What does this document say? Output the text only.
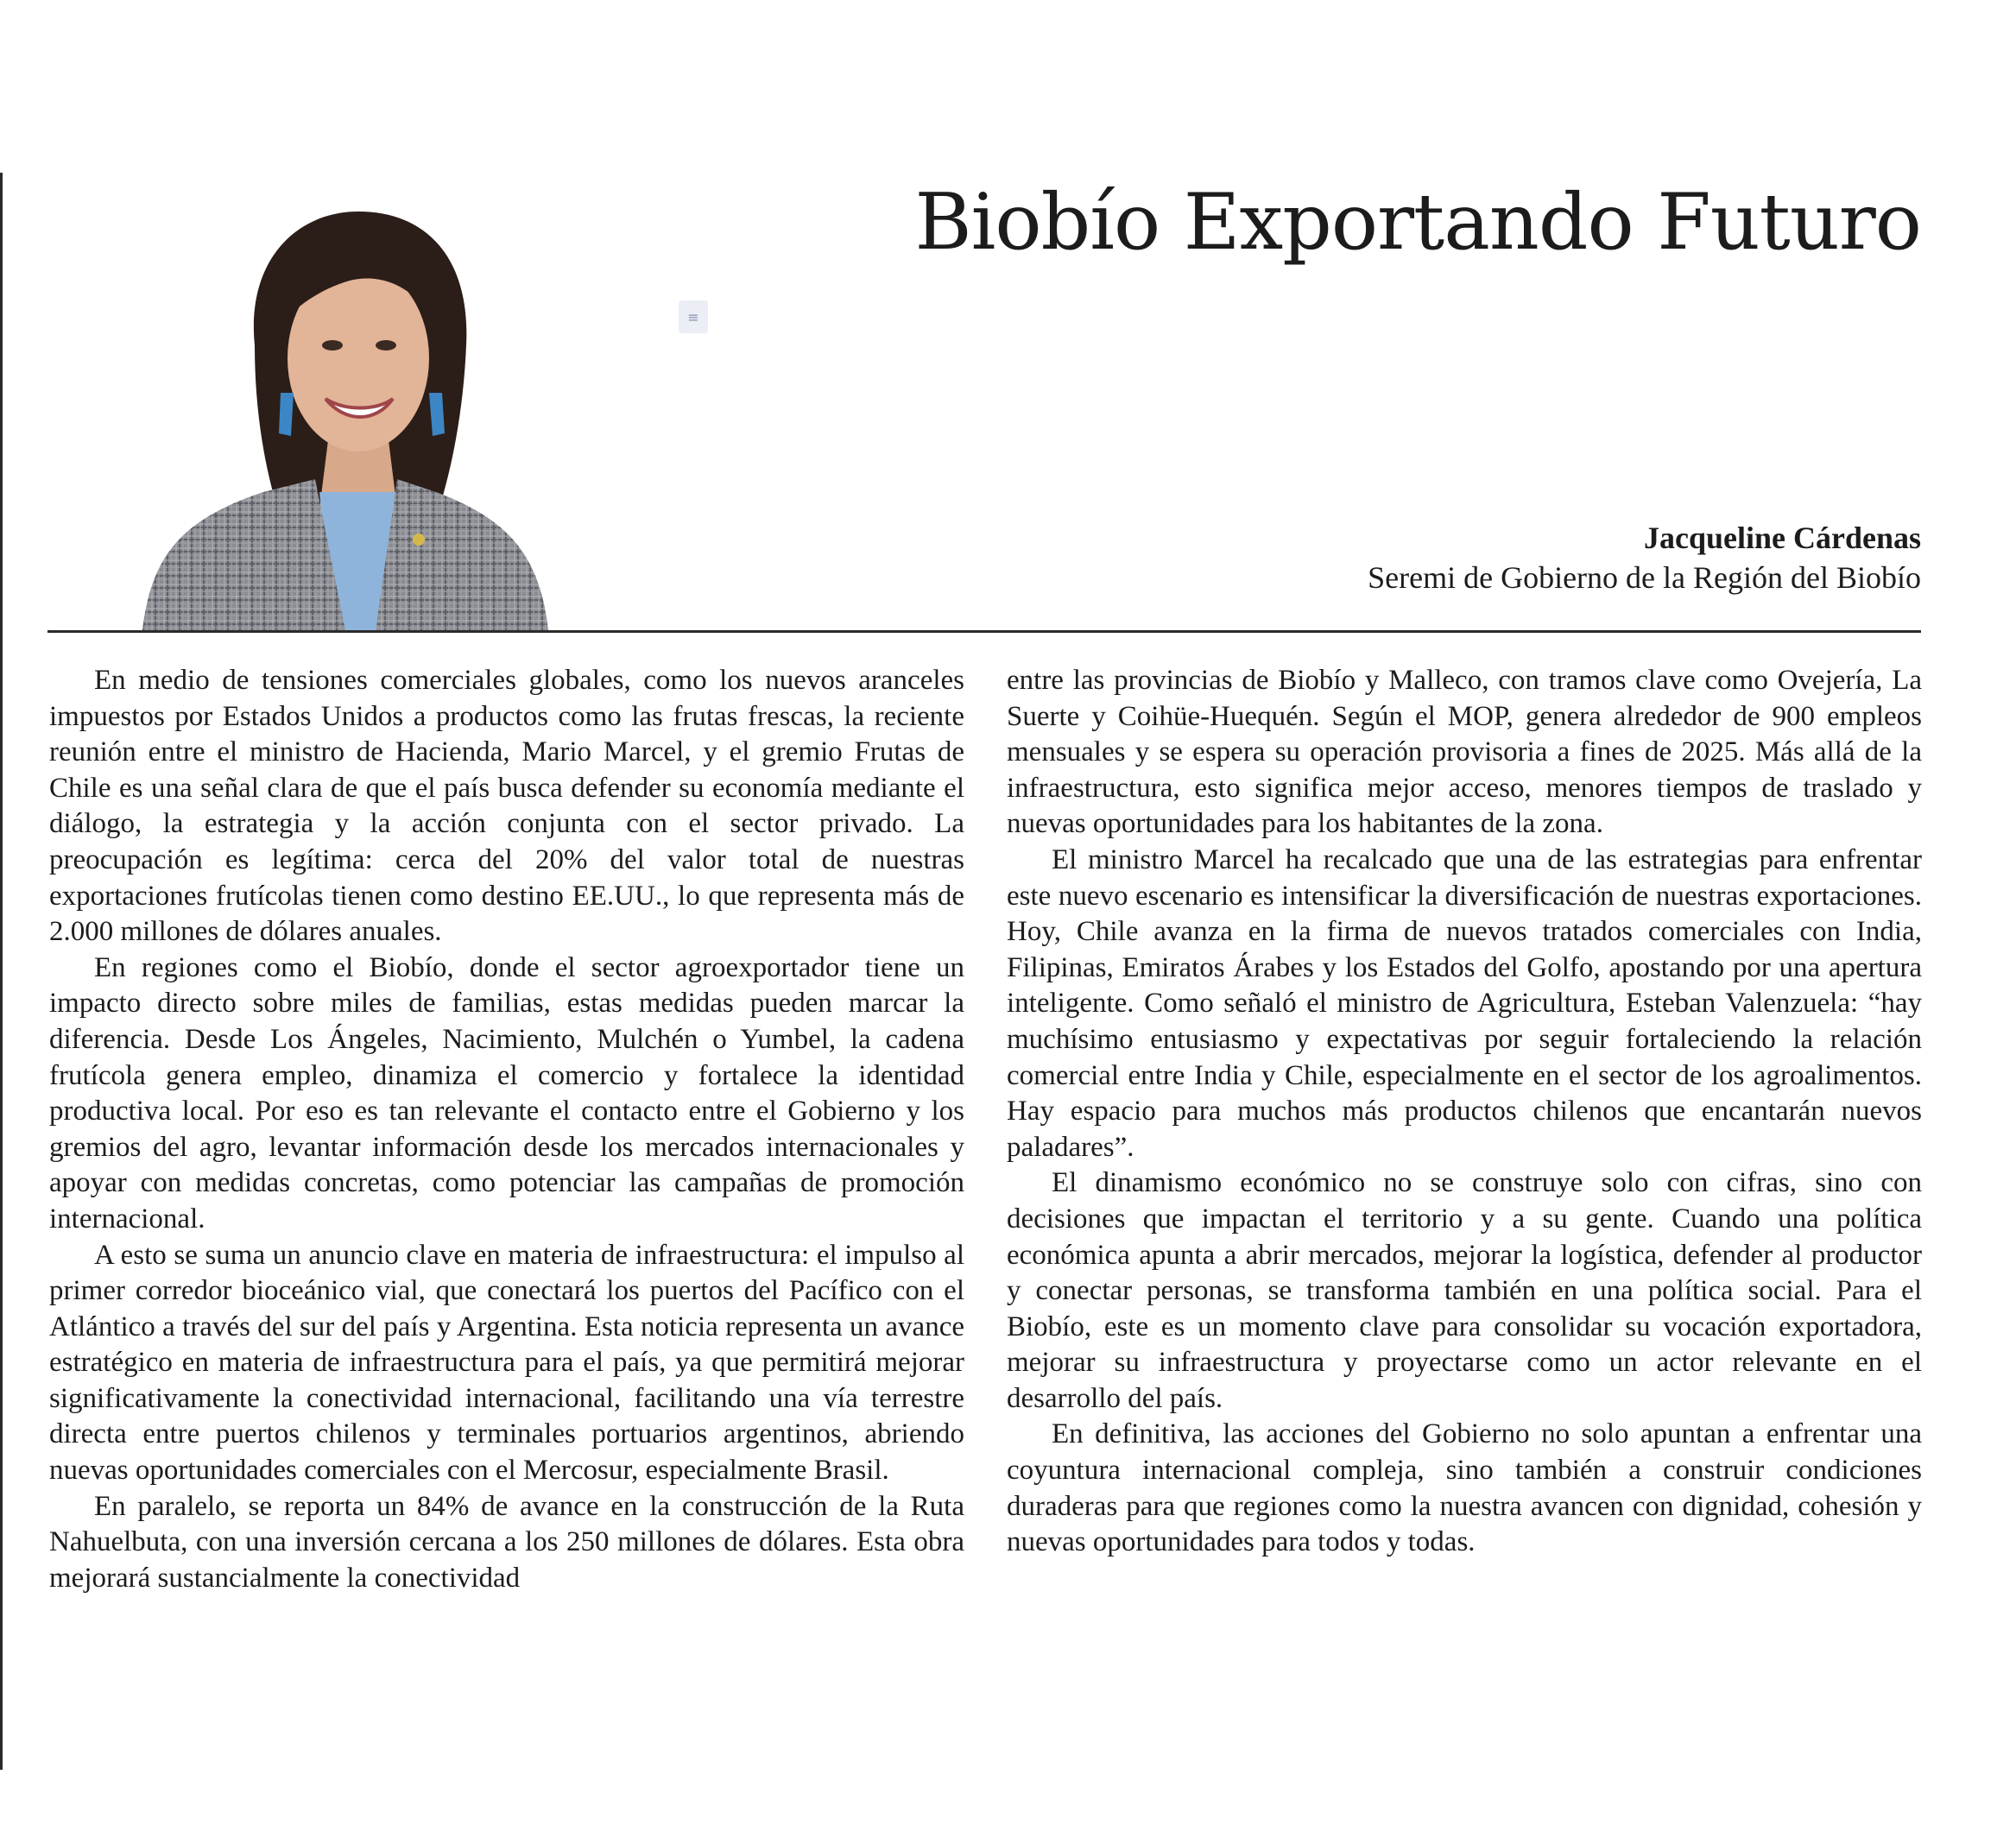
Biobío Exportando Futuro
≡
Jacqueline Cárdenas
Seremi de Gobierno de la Región del Biobío

En medio de tensiones comerciales globales, como los nuevos aranceles impuestos por Estados Unidos a productos como las frutas frescas, la reciente reunión entre el ministro de Hacienda, Mario Marcel, y el gremio Frutas de Chile es una señal clara de que el país busca defender su economía mediante el diálogo, la estrategia y la acción conjunta con el sector privado. La preocupación es legítima: cerca del 20% del valor total de nuestras exportaciones frutícolas tienen como destino EE.UU., lo que representa más de 2.000 millones de dólares anuales.

En regiones como el Biobío, donde el sector agroexportador tiene un impacto directo sobre miles de familias, estas medidas pueden marcar la diferencia. Desde Los Ángeles, Nacimiento, Mulchén o Yumbel, la cadena frutícola genera empleo, dinamiza el comercio y fortalece la identidad productiva local. Por eso es tan relevante el contacto entre el Gobierno y los gremios del agro, levantar información desde los mercados internacionales y apoyar con medidas concretas, como potenciar las campañas de promoción internacional.

A esto se suma un anuncio clave en materia de infraestructura: el impulso al primer corredor bioceánico vial, que conectará los puertos del Pacífico con el Atlántico a través del sur del país y Argentina. Esta noticia representa un avance estratégico en materia de infraestructura para el país, ya que permitirá mejorar significativamente la conectividad internacional, facilitando una vía terrestre directa entre puertos chilenos y terminales portuarios argentinos, abriendo nuevas oportunidades comerciales con el Mercosur, especialmente Brasil.

En paralelo, se reporta un 84% de avance en la construcción de la Ruta Nahuelbuta, con una inversión cercana a los 250 millones de dólares. Esta obra mejorará sustancialmente la conectividad

entre las provincias de Biobío y Malleco, con tramos clave como Ovejería, La Suerte y Coihüe-Huequén. Según el MOP, genera alrededor de 900 empleos mensuales y se espera su operación provisoria a fines de 2025. Más allá de la infraestructura, esto significa mejor acceso, menores tiempos de traslado y nuevas oportunidades para los habitantes de la zona.

El ministro Marcel ha recalcado que una de las estrategias para enfrentar este nuevo escenario es intensificar la diversificación de nuestras exportaciones. Hoy, Chile avanza en la firma de nuevos tratados comerciales con India, Filipinas, Emiratos Árabes y los Estados del Golfo, apostando por una apertura inteligente. Como señaló el ministro de Agricultura, Esteban Valenzuela: “hay muchísimo entusiasmo y expectativas por seguir fortaleciendo la relación comercial entre India y Chile, especialmente en el sector de los agroalimentos. Hay espacio para muchos más productos chilenos que encantarán nuevos paladares”.

El dinamismo económico no se construye solo con cifras, sino con decisiones que impactan el territorio y a su gente. Cuando una política económica apunta a abrir mercados, mejorar la logística, defender al productor y conectar personas, se transforma también en una política social. Para el Biobío, este es un momento clave para consolidar su vocación exportadora, mejorar su infraestructura y proyectarse como un actor relevante en el desarrollo del país.

En definitiva, las acciones del Gobierno no solo apuntan a enfrentar una coyuntura internacional compleja, sino también a construir condiciones duraderas para que regiones como la nuestra avancen con dignidad, cohesión y nuevas oportunidades para todos y todas.
